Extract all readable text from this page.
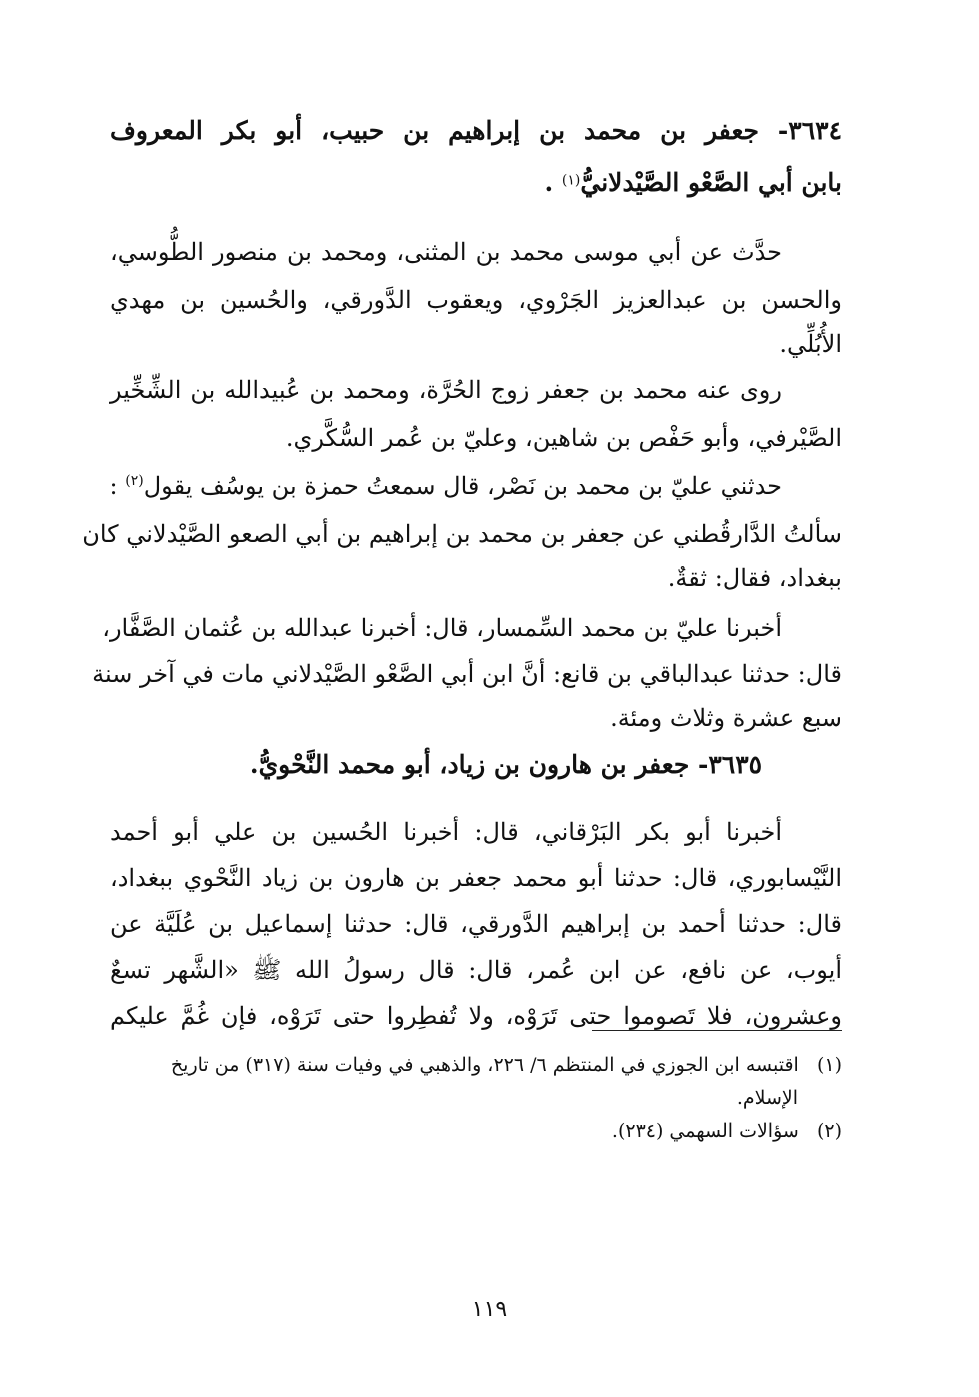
٣٦٣٤- جعفر بن محمد بن إبراهيم بن حبيب، أبو بكر المعروف
بابن أبي الصَّعْو الصَّيْدلانيُّ$^{(١)}$ .
حدَّث عن أبي موسى محمد بن المثنى، ومحمد بن منصور الطُّوسي،
والحسن بن عبدالعزيز الجَرْوي، ويعقوب الدَّورقي، والحُسين بن مهدي
الأُبُلِّي.
روى عنه محمد بن جعفر زوج الحُرَّة، ومحمد بن عُبيدالله بن الشِّخِّير
الصَّيْرفي، وأبو حَفْص بن شاهين، وعليّ بن عُمر السُّكَّري.
حدثني عليّ بن محمد بن نَصْر، قال سمعتُ حمزة بن يوسُف يقول$^{(٢)}$ :
سألتُ الدَّارقُطني عن جعفر بن محمد بن إبراهيم بن أبي الصعو الصَّيْدلاني كان
ببغداد، فقال: ثقةٌ.
أخبرنا عليّ بن محمد السِّمسار، قال: أخبرنا عبدالله بن عُثمان الصَّفَّار،
قال: حدثنا عبدالباقي بن قانع: أنَّ ابن أبي الصَّعْو الصَّيْدلاني مات في آخر سنة
سبع عشرة وثلاث ومئة.
٣٦٣٥- جعفر بن هارون بن زياد، أبو محمد النَّحْويُّ.
أخبرنا أبو بكر البَرْقاني، قال: أخبرنا الحُسين بن علي أبو أحمد
النَّيْسابوري، قال: حدثنا أبو محمد جعفر بن هارون بن زياد النَّحْوي ببغداد،
قال: حدثنا أحمد بن إبراهيم الدَّورقي، قال: حدثنا إسماعيل بن عُلَيَّة عن
أيوب، عن نافع، عن ابن عُمر، قال: قال رسولُ الله ﷺ «الشَّهر تسعٌ
وعشرون، فلا تَصوموا حتى تَرَوْه، ولا تُفطِروا حتى تَرَوْه، فإن غُمَّ عليكم
(١)   اقتبسه ابن الجوزي في المنتظم ٦/ ٢٢٦، والذهبي في وفيات سنة (٣١٧) من تاريخ
الإسلام.
(٢)   سؤالات السهمي (٢٣٤).
١١٩
